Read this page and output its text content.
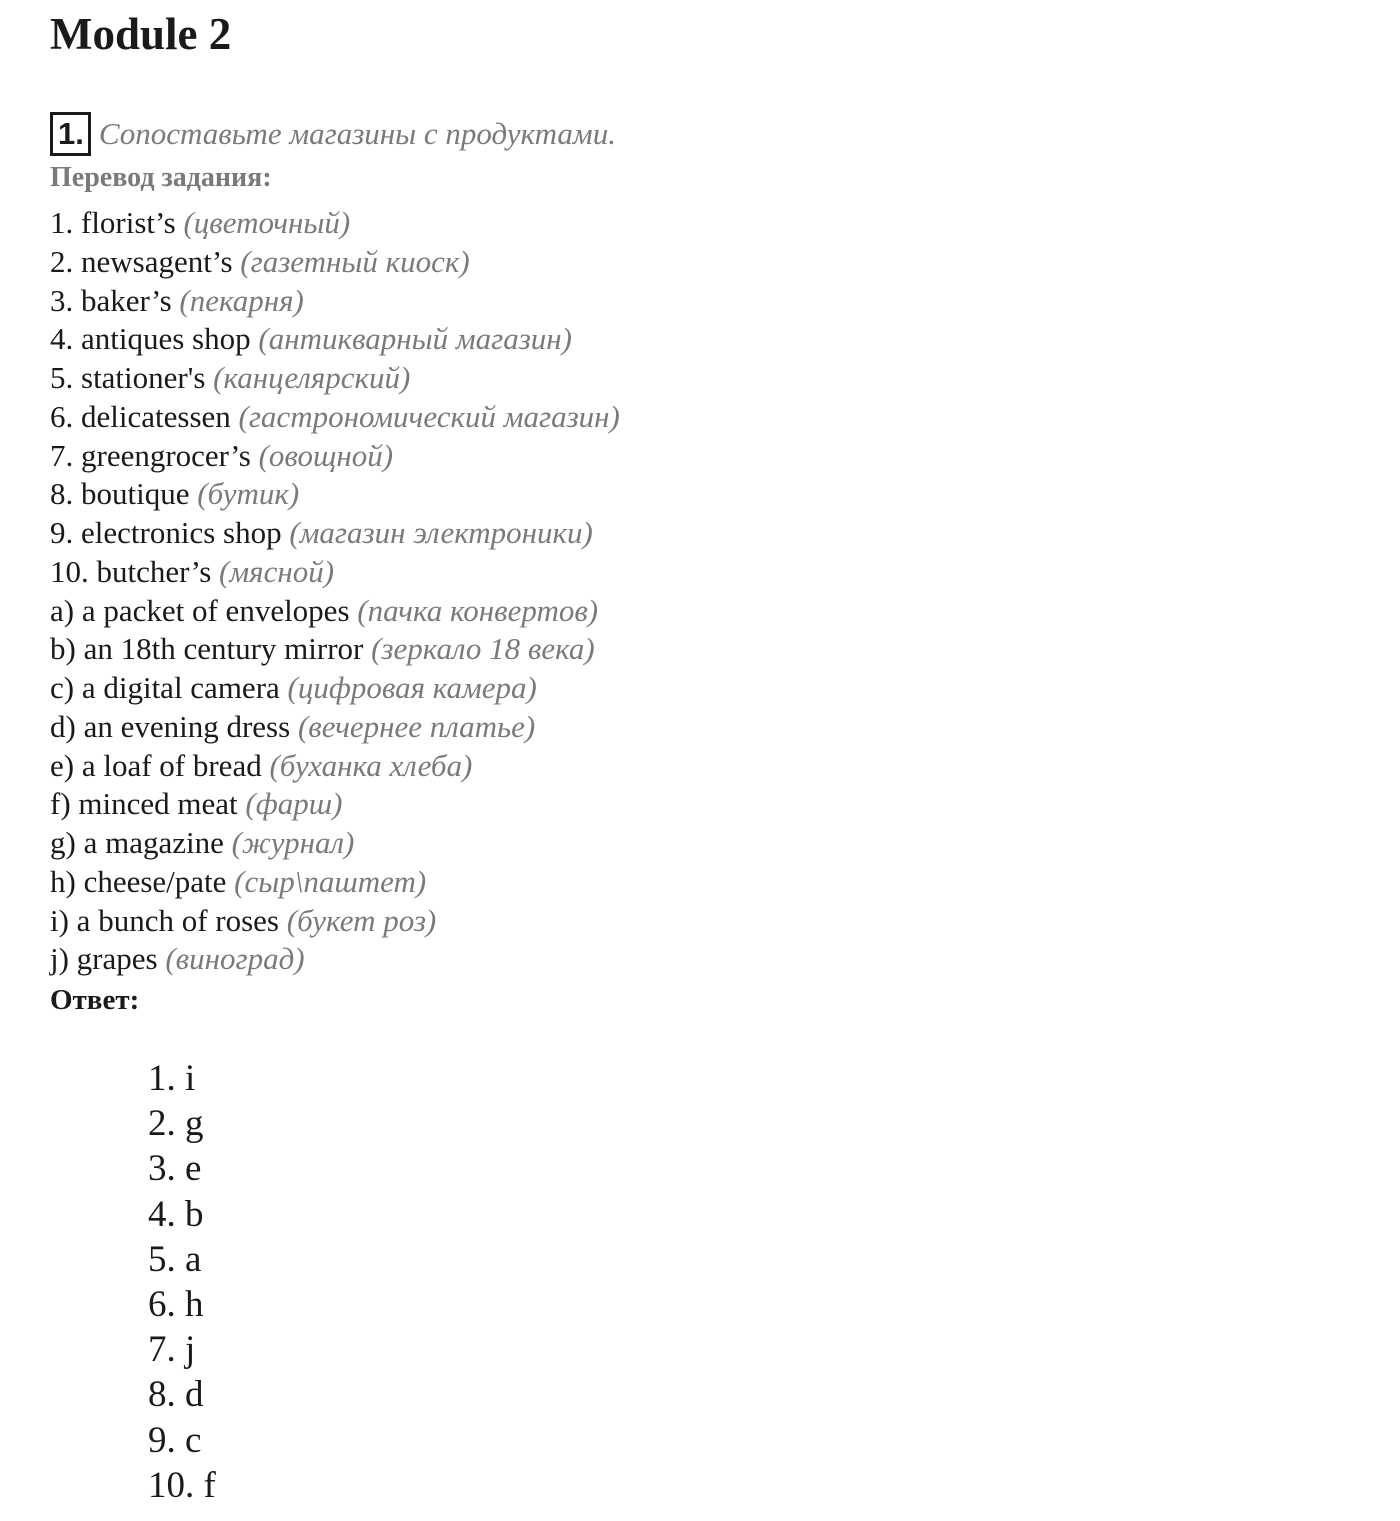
Module 2
1. Сопоставьте магазины с продуктами.
Перевод задания:
1. florist’s (цветочный)
2. newsagent’s (газетный киоск)
3. baker’s (пекарня)
4. antiques shop (антикварный магазин)
5. stationer's (канцелярский)
6. delicatessen (гастрономический магазин)
7. greengrocer’s (овощной)
8. boutique (бутик)
9. electronics shop (магазин электроники)
10. butcher’s (мясной)
a) a packet of envelopes (пачка конвертов)
b) an 18th century mirror (зеркало 18 века)
c) a digital camera (цифровая камера)
d) an evening dress (вечернее платье)
e) a loaf of bread (буханка хлеба)
f) minced meat (фарш)
g) a magazine (журнал)
h) cheese/pate (сыр\паштет)
i) a bunch of roses (букет роз)
j) grapes (виноград)
Ответ:
1. i
2. g
3. e
4. b
5. a
6. h
7. j
8. d
9. c
10. f
